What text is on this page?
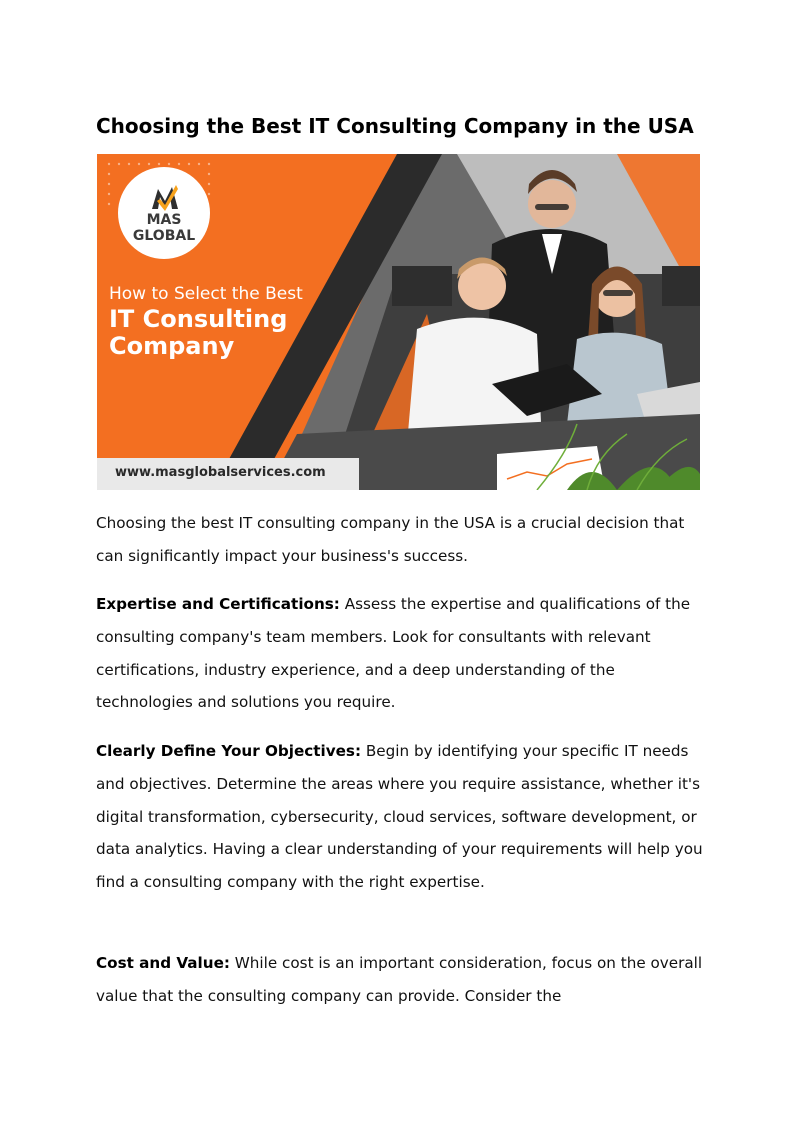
Choosing the Best IT Consulting Company in the USA
MAS
GLOBAL
How to Select the Best
IT Consulting
Company
www.masglobalservices.com

Choosing the best IT consulting company in the USA is a crucial decision that can significantly impact your business's success.

Expertise and Certifications: Assess the expertise and qualifications of the consulting company's team members. Look for consultants with relevant certifications, industry experience, and a deep understanding of the technologies and solutions you require.

Clearly Define Your Objectives: Begin by identifying your specific IT needs and objectives. Determine the areas where you require assistance, whether it's digital transformation, cybersecurity, cloud services, software development, or data analytics. Having a clear understanding of your requirements will help you find a consulting company with the right expertise.

Cost and Value: While cost is an important consideration, focus on the overall value that the consulting company can provide. Consider the
